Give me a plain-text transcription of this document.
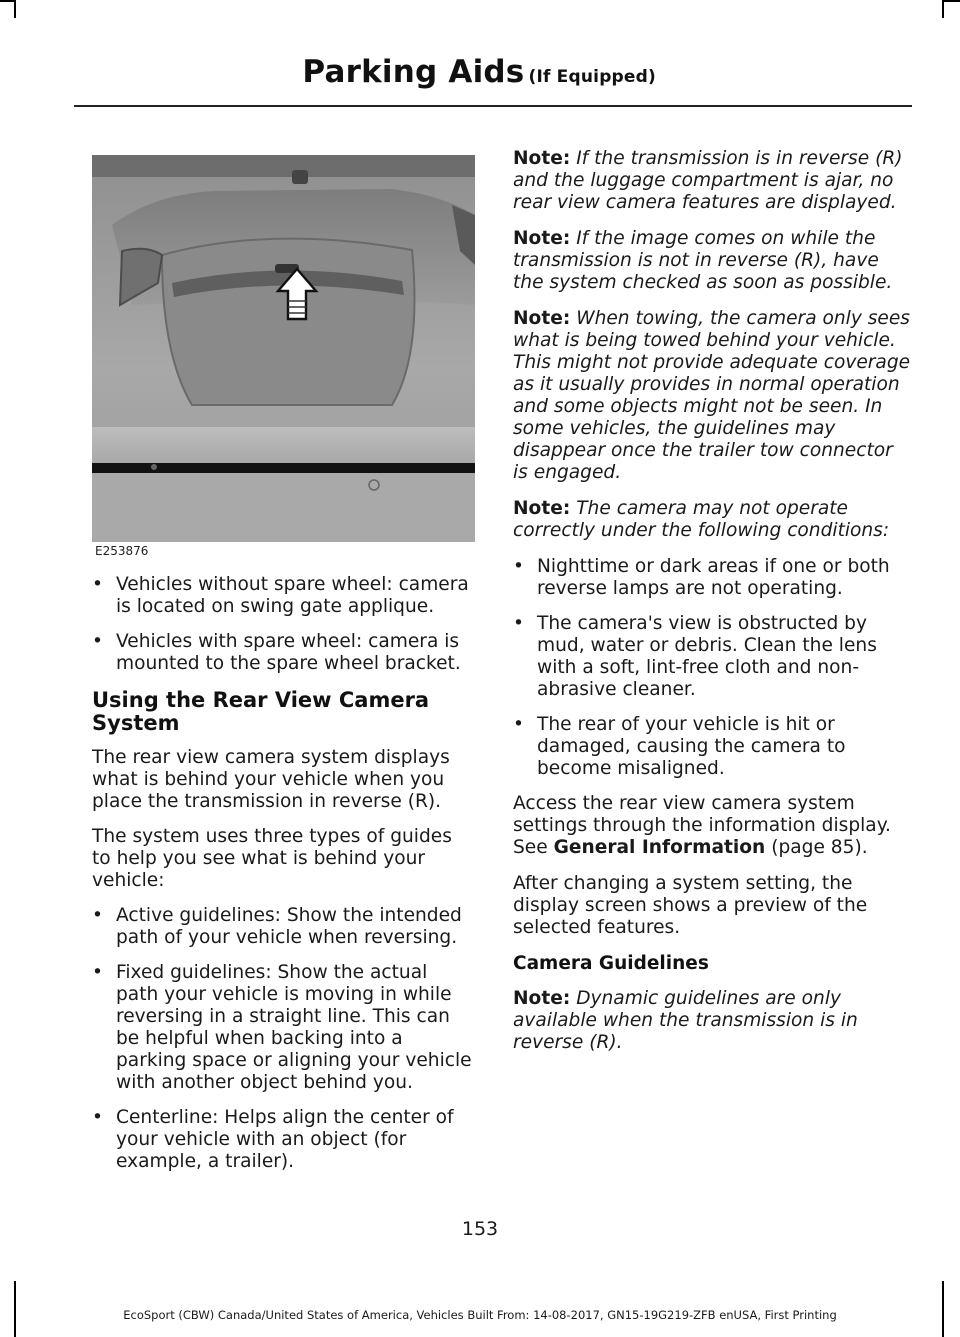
Parking Aids (If Equipped)
E253876
• Vehicles without spare wheel: camera is located on swing gate applique.
• Vehicles with spare wheel: camera is mounted to the spare wheel bracket.
Using the Rear View Camera System

The rear view camera system displays what is behind your vehicle when you place the transmission in reverse (R).

The system uses three types of guides to help you see what is behind your vehicle:

• Active guidelines: Show the intended path of your vehicle when reversing.
• Fixed guidelines: Show the actual path your vehicle is moving in while reversing in a straight line. This can be helpful when backing into a parking space or aligning your vehicle with another object behind you.
• Centerline: Helps align the center of your vehicle with an object (for example, a trailer).

Note: If the transmission is in reverse (R) and the luggage compartment is ajar, no rear view camera features are displayed.

Note: If the image comes on while the transmission is not in reverse (R), have the system checked as soon as possible.

Note: When towing, the camera only sees what is being towed behind your vehicle. This might not provide adequate coverage as it usually provides in normal operation and some objects might not be seen. In some vehicles, the guidelines may disappear once the trailer tow connector is engaged.

Note: The camera may not operate correctly under the following conditions:

• Nighttime or dark areas if one or both reverse lamps are not operating.
• The camera's view is obstructed by mud, water or debris. Clean the lens with a soft, lint-free cloth and non-abrasive cleaner.
• The rear of your vehicle is hit or damaged, causing the camera to become misaligned.

Access the rear view camera system settings through the information display. See General Information (page 85).

After changing a system setting, the display screen shows a preview of the selected features.

Camera Guidelines

Note: Dynamic guidelines are only available when the transmission is in reverse (R).

153
EcoSport (CBW) Canada/United States of America, Vehicles Built From: 14-08-2017, GN15-19G219-ZFB enUSA, First Printing
